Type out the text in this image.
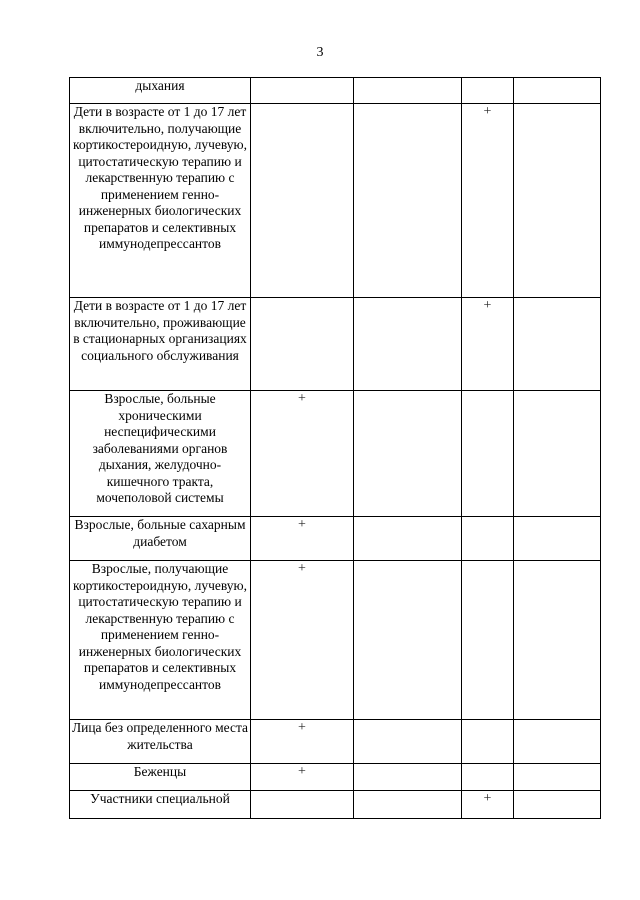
3
дыхания				
Дети в возрасте от 1 до 17 лет включительно, получающие кортикостероидную, лучевую, цитостатическую терапию и лекарственную терапию с применением генно-инженерных биологических препаратов и селективных иммунодепрессантов			+	
Дети в возрасте от 1 до 17 лет включительно, проживающие в стационарных организациях социального обслуживания			+	
Взрослые, больные хроническими неспецифическими заболеваниями органов дыхания, желудочно-кишечного тракта, мочеполовой системы	+			
Взрослые, больные сахарным диабетом	+			
Взрослые, получающие кортикостероидную, лучевую, цитостатическую терапию и лекарственную терапию с применением генно-инженерных биологических препаратов и селективных иммунодепрессантов	+			
Лица без определенного места жительства	+			
Беженцы	+			
Участники специальной			+	
